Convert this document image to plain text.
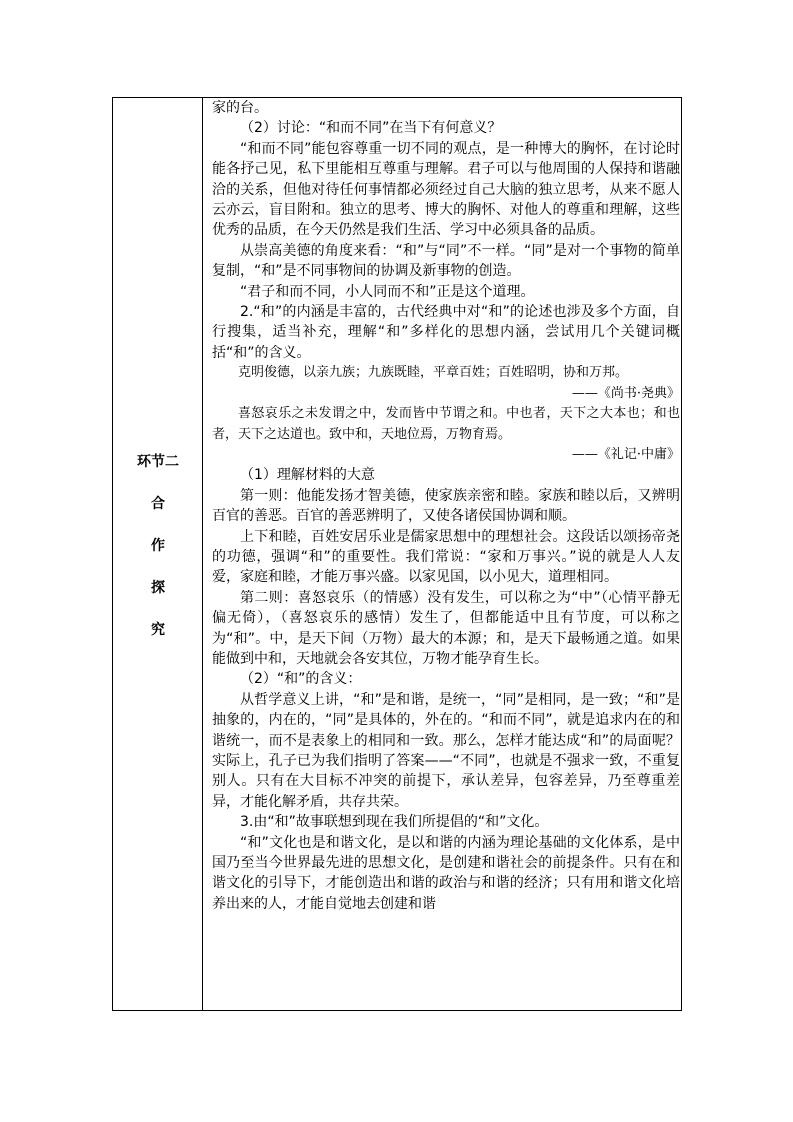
环节二
合
作
探
究

家的台。

（2）讨论：“和而不同”在当下有何意义？

“和而不同”能包容尊重一切不同的观点，是一种博大的胸怀，在讨论时能各抒己见，私下里能相互尊重与理解。君子可以与他周围的人保持和谐融洽的关系，但他对待任何事情都必须经过自己大脑的独立思考，从来不愿人云亦云，盲目附和。独立的思考、博大的胸怀、对他人的尊重和理解，这些优秀的品质，在今天仍然是我们生活、学习中必须具备的品质。

从崇高美德的角度来看：“和”与“同”不一样。“同”是对一个事物的简单复制，“和”是不同事物间的协调及新事物的创造。

“君子和而不同，小人同而不和”正是这个道理。

2.“和”的内涵是丰富的，古代经典中对“和”的论述也涉及多个方面，自行搜集，适当补充，理解“和”多样化的思想内涵，尝试用几个关键词概括“和”的含义。

克明俊德，以亲九族；九族既睦，平章百姓；百姓昭明，协和万邦。

——《尚书·尧典》

喜怒哀乐之未发谓之中，发而皆中节谓之和。中也者，天下之大本也；和也者，天下之达道也。致中和，天地位焉，万物育焉。

——《礼记·中庸》

（1）理解材料的大意

第一则：他能发扬才智美德，使家族亲密和睦。家族和睦以后，又辨明百官的善恶。百官的善恶辨明了，又使各诸侯国协调和顺。

上下和睦，百姓安居乐业是儒家思想中的理想社会。这段话以颂扬帝尧的功德，强调“和”的重要性。我们常说：“家和万事兴。”说的就是人人友爱，家庭和睦，才能万事兴盛。以家见国，以小见大，道理相同。

第二则：喜怒哀乐（的情感）没有发生，可以称之为“中”（心情平静无偏无倚），（喜怒哀乐的感情）发生了，但都能适中且有节度，可以称之为“和”。中，是天下间（万物）最大的本源；和，是天下最畅通之道。如果能做到中和，天地就会各安其位，万物才能孕育生长。

（2）“和”的含义：

从哲学意义上讲，“和”是和谐，是统一，“同”是相同，是一致；“和”是抽象的，内在的，“同”是具体的，外在的。“和而不同”，就是追求内在的和谐统一，而不是表象上的相同和一致。那么，怎样才能达成“和”的局面呢？实际上，孔子已为我们指明了答案——“不同”，也就是不强求一致，不重复别人。只有在大目标不冲突的前提下，承认差异，包容差异，乃至尊重差异，才能化解矛盾，共存共荣。

3.由“和”故事联想到现在我们所提倡的“和”文化。

“和”文化也是和谐文化，是以和谐的内涵为理论基础的文化体系，是中国乃至当今世界最先进的思想文化，是创建和谐社会的前提条件。只有在和谐文化的引导下，才能创造出和谐的政治与和谐的经济；只有用和谐文化培养出来的人，才能自觉地去创建和谐
